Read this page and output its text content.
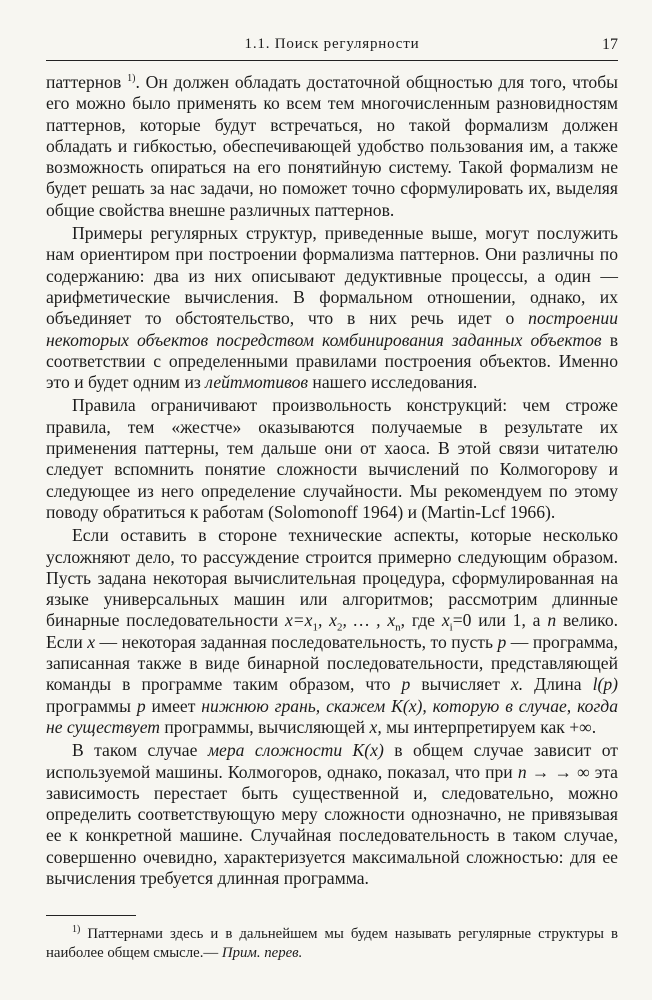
1.1. Поиск регулярности	17

паттернов $^{1)}$. Он должен обладать достаточной общностью для того, чтобы его можно было применять ко всем тем многочисленным разновидностям паттернов, которые будут встречаться, но такой формализм должен обладать и гибкостью, обеспечивающей удобство пользования им, а также возможность опираться на его понятийную систему. Такой формализм не будет решать за нас задачи, но поможет точно сформулировать их, выделяя общие свойства внешне различных паттернов.

Примеры регулярных структур, приведенные выше, могут послужить нам ориентиром при построении формализма паттернов. Они различны по содержанию: два из них описывают дедуктивные процессы, а один — арифметические вычисления. В формальном отношении, однако, их объединяет то обстоятельство, что в них речь идет о построении некоторых объектов посредством комбинирования заданных объектов в соответствии с определенными правилами построения объектов. Именно это и будет одним из лейтмотивов нашего исследования.

Правила ограничивают произвольность конструкций: чем строже правила, тем «жестче» оказываются получаемые в результате их применения паттерны, тем дальше они от хаоса. В этой связи читателю следует вспомнить понятие сложности вычислений по Колмогорову и следующее из него определение случайности. Мы рекомендуем по этому поводу обратиться к работам (Solomonoff 1964) и (Martin-Lcf 1966).

Если оставить в стороне технические аспекты, которые несколько усложняют дело, то рассуждение строится примерно следующим образом. Пусть задана некоторая вычислительная процедура, сформулированная на языке универсальных машин или алгоритмов; рассмотрим длинные бинарные последовательности $x=x_1$, $x_2$, … , $x_n$, где $x_i=0$ или 1, а n велико. Если x — некоторая заданная последовательность, то пусть p — программа, записанная также в виде бинарной последовательности, представляющей команды в программе таким образом, что p вычисляет x. Длина l(p) программы p имеет нижнюю грань, скажем K(x), которую в случае, когда не существует программы, вычисляющей x, мы интерпретируем как +∞.

В таком случае мера сложности K(x) в общем случае зависит от используемой машины. Колмогоров, однако, показал, что при n → → ∞ эта зависимость перестает быть существенной и, следовательно, можно определить соответствующую меру сложности однозначно, не привязывая ее к конкретной машине. Случайная последовательность в таком случае, совершенно очевидно, характеризуется максимальной сложностью: для ее вычисления требуется длинная программа.

$^{1)}$ Паттернами здесь и в дальнейшем мы будем называть регулярные структуры в наиболее общем смысле.— Прим. перев.
